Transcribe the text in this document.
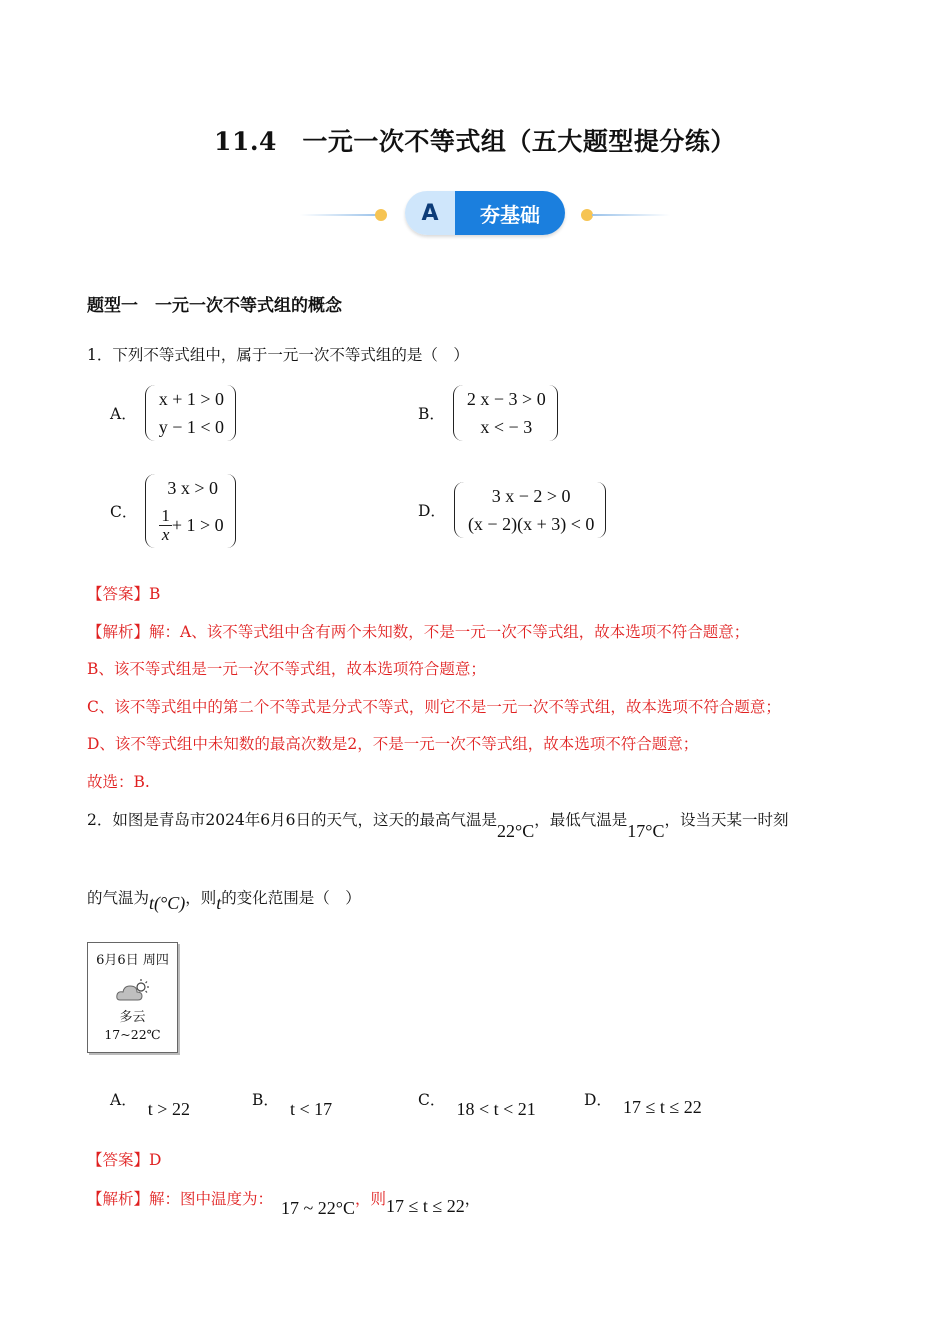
11.4　一元一次不等式组（五大题型提分练）
A	夯基础
题型一　一元一次不等式组的概念
1．下列不等式组中，属于一元一次不等式组的是（　）
A．
x + 1 > 0
y − 1 < 0
B．
2 x − 3 > 0
x < − 3
C．
3 x > 0
$\frac{1}{x} + 1 > 0$
D．
3 x − 2 > 0
(x − 2)(x + 3) < 0
【答案】B
【解析】解：A、该不等式组中含有两个未知数，不是一元一次不等式组，故本选项不符合题意；
B、该不等式组是一元一次不等式组，故本选项符合题意；
C、该不等式组中的第二个不等式是分式不等式，则它不是一元一次不等式组，故本选项不符合题意；
D、该不等式组中未知数的最高次数是2，不是一元一次不等式组，故本选项不符合题意；
故选：B.
2．如图是青岛市2024年6月6日的天气，这天的最高气温是22°C，最低气温是17°C，设当天某一时刻
的气温为t(°C)，则t的变化范围是（　）
6月6日 周四
多云
17~22℃
A． t > 22	B． t < 17	C． 18 < t < 21	D． 17 ≤ t ≤ 22
【答案】D
【解析】解：图中温度为： 17 ~ 22°C，则17 ≤ t ≤ 22，
